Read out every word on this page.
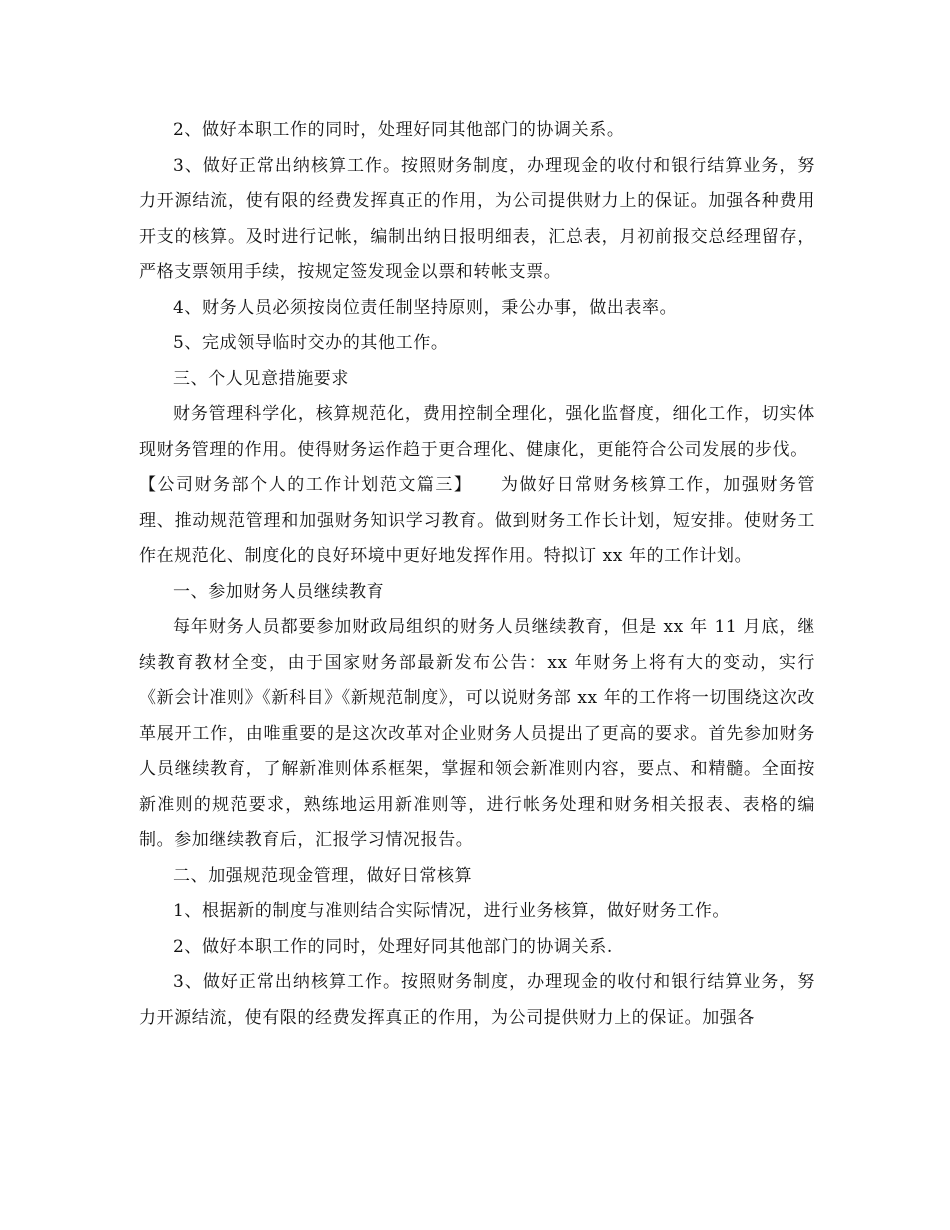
2、做好本职工作的同时，处理好同其他部门的协调关系。

3、做好正常出纳核算工作。按照财务制度，办理现金的收付和银行结算业务，努力开源结流，使有限的经费发挥真正的作用，为公司提供财力上的保证。加强各种费用开支的核算。及时进行记帐，编制出纳日报明细表，汇总表，月初前报交总经理留存，严格支票领用手续，按规定签发现金以票和转帐支票。

4、财务人员必须按岗位责任制坚持原则，秉公办事，做出表率。

5、完成领导临时交办的其他工作。

三、个人见意措施要求

财务管理科学化，核算规范化，费用控制全理化，强化监督度，细化工作，切实体现财务管理的作用。使得财务运作趋于更合理化、健康化，更能符合公司发展的步伐。

【公司财务部个人的工作计划范文篇三】　　为做好日常财务核算工作，加强财务管理、推动规范管理和加强财务知识学习教育。做到财务工作长计划，短安排。使财务工作在规范化、制度化的良好环境中更好地发挥作用。特拟订 xx 年的工作计划。

一、参加财务人员继续教育

每年财务人员都要参加财政局组织的财务人员继续教育，但是 xx 年 11 月底，继续教育教材全变，由于国家财务部最新发布公告：xx 年财务上将有大的变动，实行《新会计准则》《新科目》《新规范制度》，可以说财务部 xx 年的工作将一切围绕这次改革展开工作，由唯重要的是这次改革对企业财务人员提出了更高的要求。首先参加财务人员继续教育，了解新准则体系框架，掌握和领会新准则内容，要点、和精髓。全面按新准则的规范要求，熟练地运用新准则等，进行帐务处理和财务相关报表、表格的编制。参加继续教育后，汇报学习情况报告。

二、加强规范现金管理，做好日常核算

1、根据新的制度与准则结合实际情况，进行业务核算，做好财务工作。

2、做好本职工作的同时，处理好同其他部门的协调关系.

3、做好正常出纳核算工作。按照财务制度，办理现金的收付和银行结算业务，努力开源结流，使有限的经费发挥真正的作用，为公司提供财力上的保证。加强各
